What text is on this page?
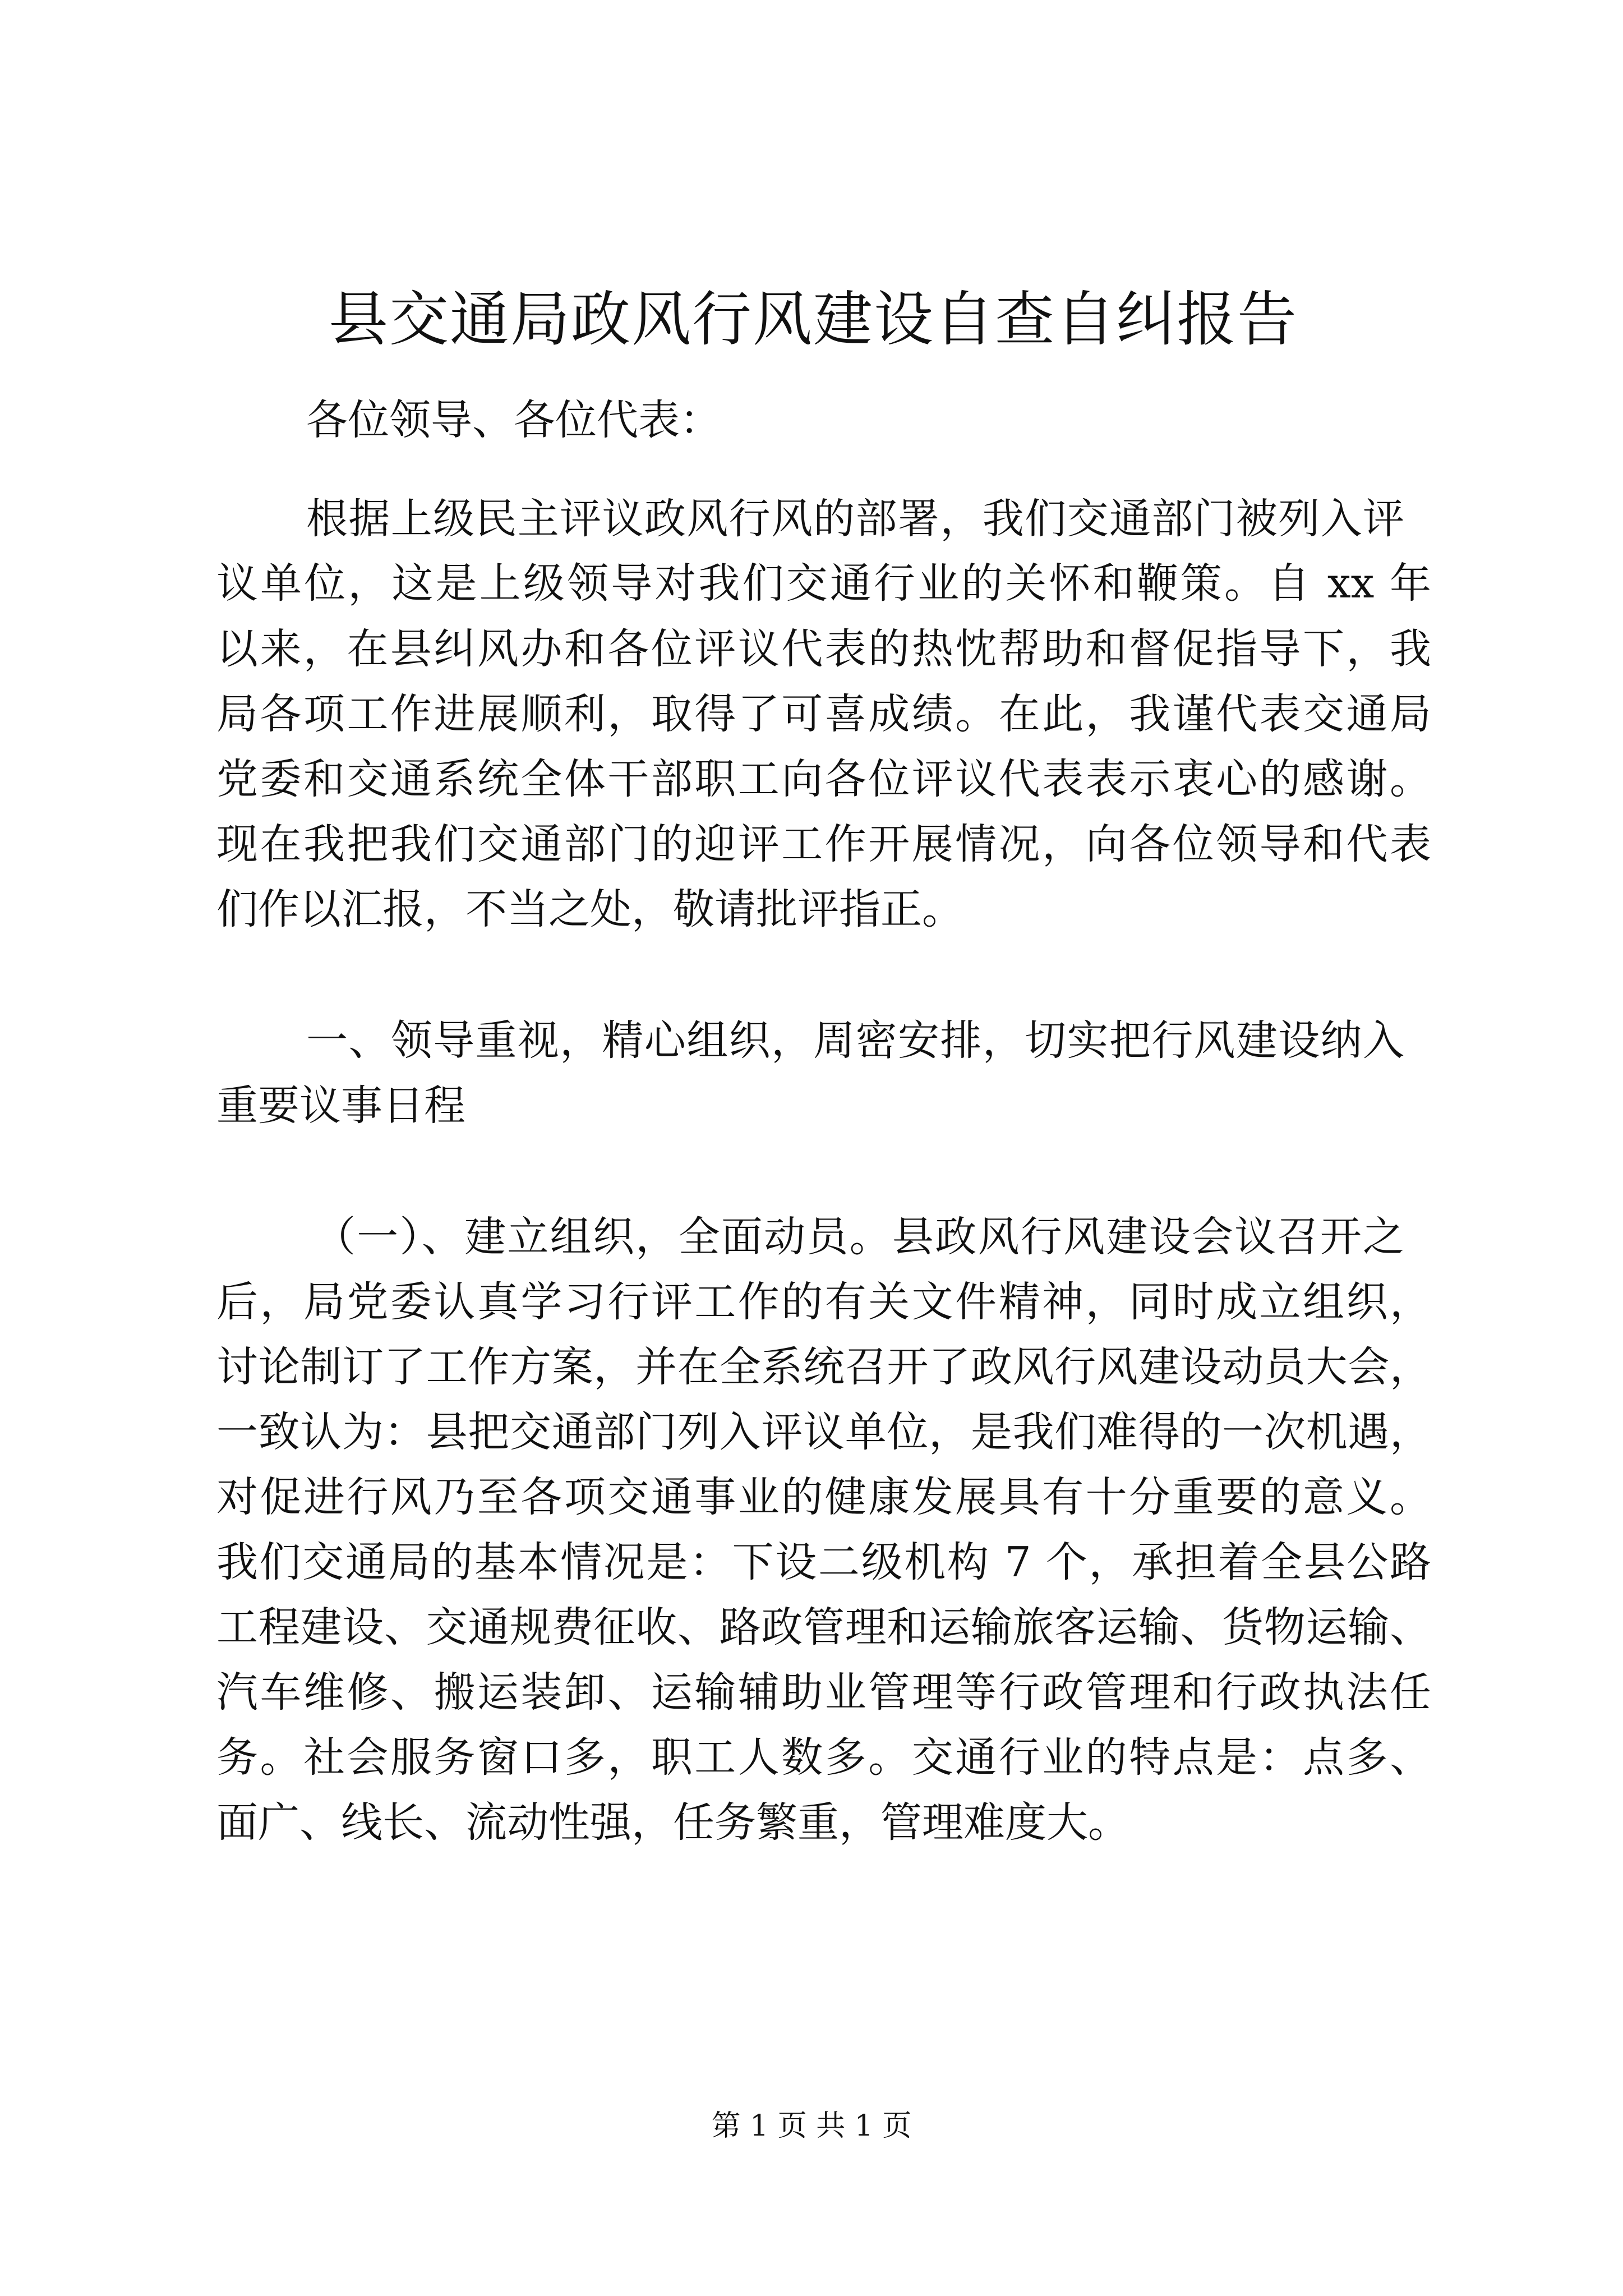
县交通局政风行风建设自查自纠报告

各位领导、各位代表：

根据上级民主评议政风行风的部署，我们交通部门被列入评

议单位，这是上级领导对我们交通行业的关怀和鞭策。自 xx 年

以来，在县纠风办和各位评议代表的热忱帮助和督促指导下，我

局各项工作进展顺利，取得了可喜成绩。在此，我谨代表交通局

党委和交通系统全体干部职工向各位评议代表表示衷心的感谢。

现在我把我们交通部门的迎评工作开展情况，向各位领导和代表

们作以汇报，不当之处，敬请批评指正。

一、领导重视，精心组织，周密安排，切实把行风建设纳入

重要议事日程

（一）、建立组织，全面动员。县政风行风建设会议召开之

后，局党委认真学习行评工作的有关文件精神，同时成立组织，

讨论制订了工作方案，并在全系统召开了政风行风建设动员大会，

一致认为：县把交通部门列入评议单位，是我们难得的一次机遇，

对促进行风乃至各项交通事业的健康发展具有十分重要的意义。

我们交通局的基本情况是：下设二级机构 7 个，承担着全县公路

工程建设、交通规费征收、路政管理和运输旅客运输、货物运输、

汽车维修、搬运装卸、运输辅助业管理等行政管理和行政执法任

务。社会服务窗口多，职工人数多。交通行业的特点是：点多、

面广、线长、流动性强，任务繁重，管理难度大。

第 1 页 共 1 页
